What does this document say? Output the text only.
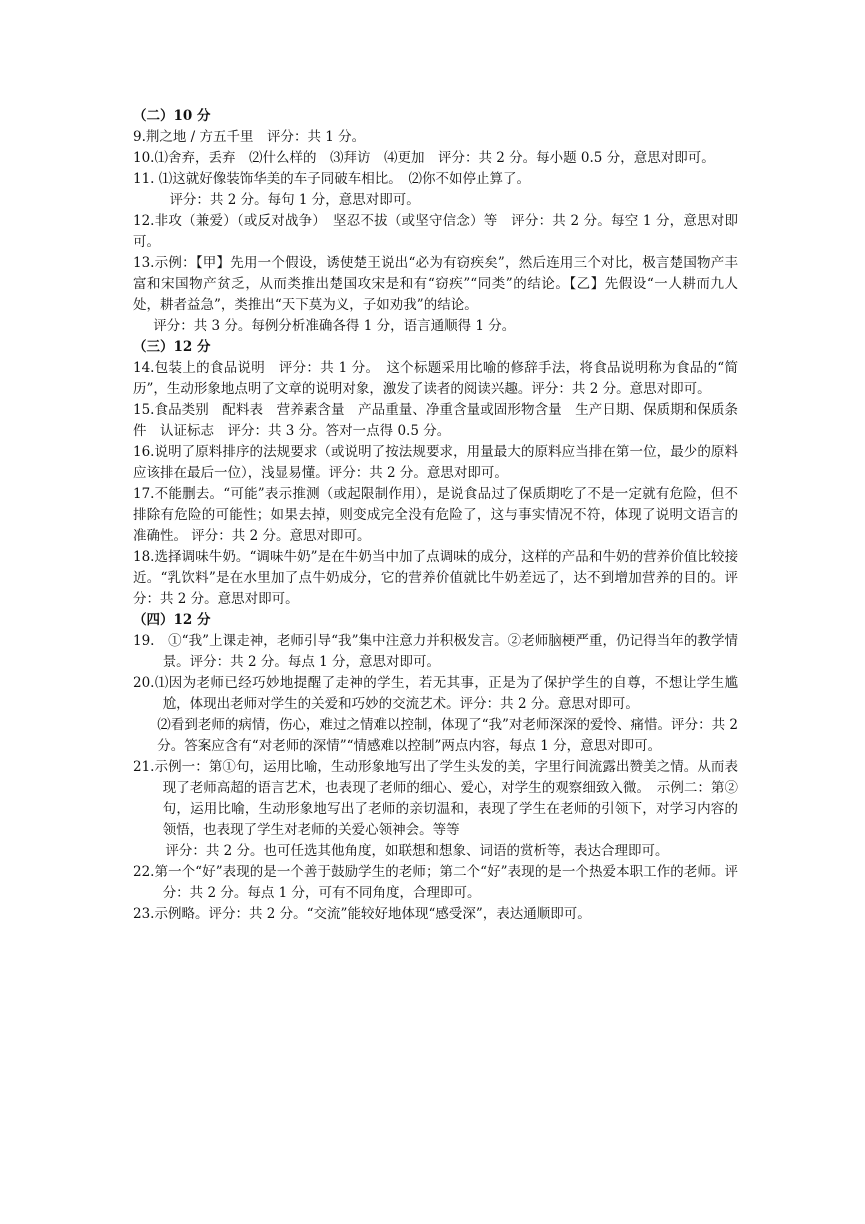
（二）10 分

9.荆之地 / 方五千里　评分：共 1 分。

10.⑴舍弃，丢弃　⑵什么样的　⑶拜访　⑷更加　评分：共 2 分。每小题 0.5 分，意思对即可。

11. ⑴这就好像装饰华美的车子同破车相比。　⑵你不如停止算了。

评分：共 2 分。每句 1 分，意思对即可。

12.非攻（兼爱）（或反对战争）　坚忍不拔（或坚守信念）等　评分：共 2 分。每空 1 分，意思对即可。

13.示例：【甲】先用一个假设，诱使楚王说出“必为有窃疾矣”，然后连用三个对比，极言楚国物产丰富和宋国物产贫乏，从而类推出楚国攻宋是和有“窃疾”“同类”的结论。【乙】先假设“一人耕而九人处，耕者益急”，类推出“天下莫为义，子如劝我”的结论。

评分：共 3 分。每例分析准确各得 1 分，语言通顺得 1 分。

（三）12 分

14.包装上的食品说明　评分：共 1 分。　这个标题采用比喻的修辞手法，将食品说明称为食品的“简历”，生动形象地点明了文章的说明对象，激发了读者的阅读兴趣。评分：共 2 分。意思对即可。

15.食品类别　配料表　营养素含量　产品重量、净重含量或固形物含量　生产日期、保质期和保质条件　认证标志　评分：共 3 分。答对一点得 0.5 分。

16.说明了原料排序的法规要求（或说明了按法规要求，用量最大的原料应当排在第一位，最少的原料应该排在最后一位），浅显易懂。评分：共 2 分。意思对即可。

17.不能删去。“可能”表示推测（或起限制作用），是说食品过了保质期吃了不是一定就有危险，但不排除有危险的可能性；如果去掉，则变成完全没有危险了，这与事实情况不符，体现了说明文语言的准确性。 评分：共 2 分。意思对即可。

18.选择调味牛奶。“调味牛奶”是在牛奶当中加了点调味的成分，这样的产品和牛奶的营养价值比较接近。“乳饮料”是在水里加了点牛奶成分，它的营养价值就比牛奶差远了，达不到增加营养的目的。评分：共 2 分。意思对即可。

（四）12 分

19.　①“我”上课走神，老师引导“我”集中注意力并积极发言。②老师脑梗严重，仍记得当年的教学情景。评分：共 2 分。每点 1 分，意思对即可。

20.⑴因为老师已经巧妙地提醒了走神的学生，若无其事，正是为了保护学生的自尊，不想让学生尴尬，体现出老师对学生的关爱和巧妙的交流艺术。评分：共 2 分。意思对即可。

⑵看到老师的病情，伤心，难过之情难以控制，体现了“我”对老师深深的爱怜、痛惜。评分：共 2 分。答案应含有“对老师的深情”“情感难以控制”两点内容，每点 1 分，意思对即可。

21.示例一：第①句，运用比喻，生动形象地写出了学生头发的美，字里行间流露出赞美之情。从而表现了老师高超的语言艺术，也表现了老师的细心、爱心，对学生的观察细致入微。　示例二：第②句，运用比喻，生动形象地写出了老师的亲切温和，表现了学生在老师的引领下，对学习内容的领悟，也表现了学生对老师的关爱心领神会。等等

评分：共 2 分。也可任选其他角度，如联想和想象、词语的赏析等，表达合理即可。

22.第一个“好”表现的是一个善于鼓励学生的老师；第二个“好”表现的是一个热爱本职工作的老师。评分：共 2 分。每点 1 分，可有不同角度，合理即可。

23.示例略。评分：共 2 分。“交流”能较好地体现“感受深”，表达通顺即可。
